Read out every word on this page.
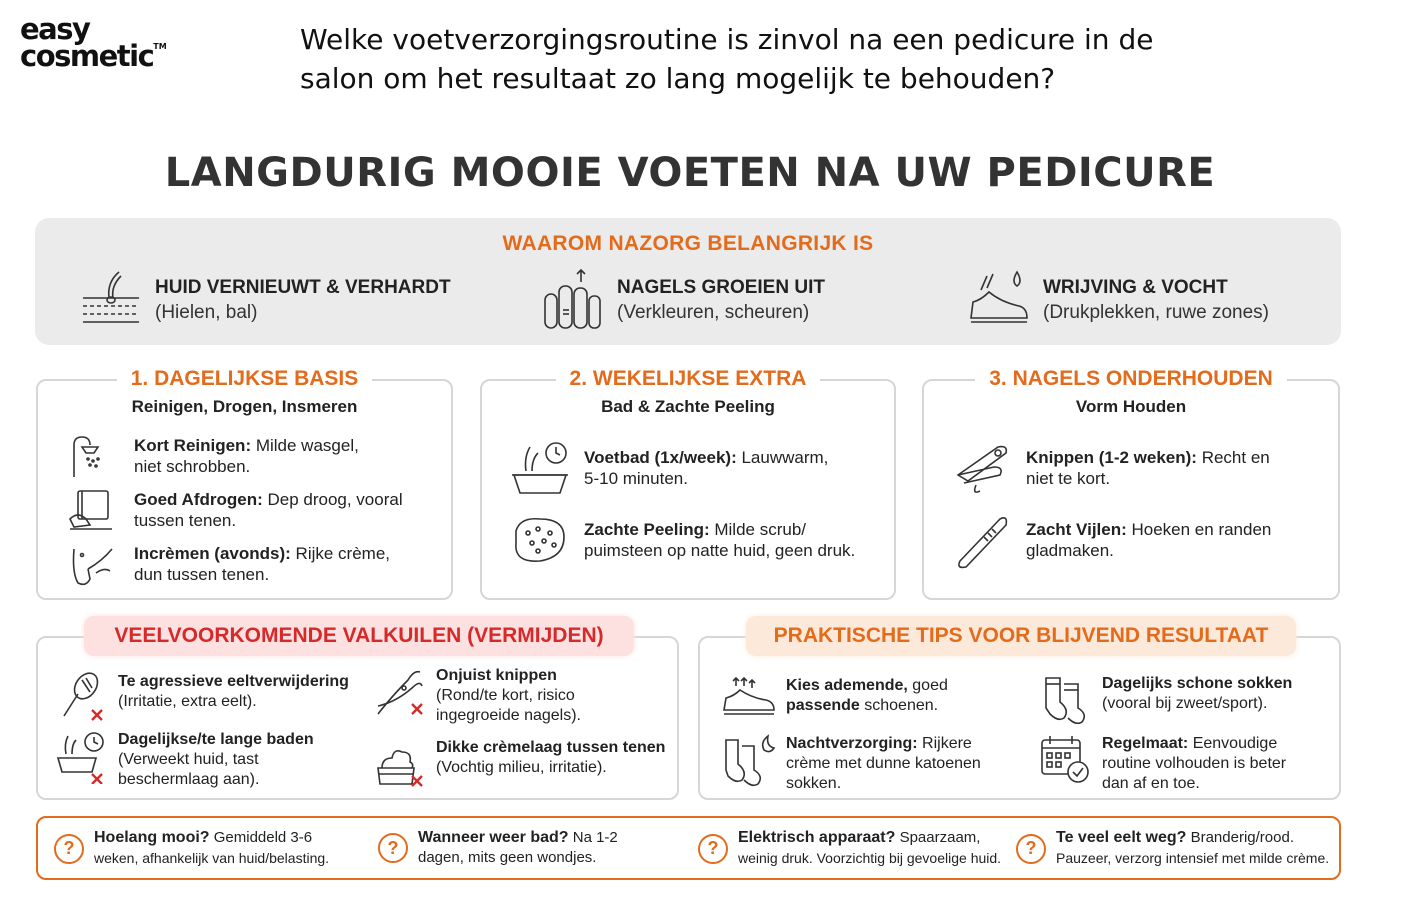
easy
cosmetic™	Welke voetverzorgingsroutine is zinvol na een pedicure in de salon om het resultaat zo lang mogelijk te behouden?
LANGDURIG MOOIE VOETEN NA UW PEDICURE
WAAROM NAZORG BELANGRIJK IS
HUID VERNIEUWT & VERHARDT
(Hielen, bal)
NAGELS GROEIEN UIT
(Verkleuren, scheuren)
WRIJVING & VOCHT
(Drukplekken, ruwe zones)
1. DAGELIJKSE BASIS
Reinigen, Drogen, Insmeren
Kort Reinigen: Milde wasgel,
niet schrobben.
Goed Afdrogen: Dep droog, vooral
tussen tenen.
Incrèmen (avonds): Rijke crème,
dun tussen tenen.
2. WEKELIJKSE EXTRA
Bad & Zachte Peeling
Voetbad (1x/week): Lauwwarm,
5-10 minuten.
Zachte Peeling: Milde scrub/
puimsteen op natte huid, geen druk.
3. NAGELS ONDERHOUDEN
Vorm Houden
Knippen (1-2 weken): Recht en
niet te kort.
Zacht Vijlen: Hoeken en randen
gladmaken.
VEELVOORKOMENDE VALKUILEN (VERMIJDEN)
Te agressieve eeltverwijdering
(Irritatie, extra eelt).
Onjuist knippen
(Rond/te kort, risico
ingegroeide nagels).
Dagelijkse/te lange baden
(Verweekt huid, tast
beschermlaag aan).
Dikke crèmelaag tussen tenen
(Vochtig milieu, irritatie).
PRAKTISCHE TIPS VOOR BLIJVEND RESULTAAT
Kies ademende, goed
passende schoenen.
Dagelijks schone sokken
(vooral bij zweet/sport).
Nachtverzorging: Rijkere
crème met dunne katoenen
sokken.
Regelmaat: Eenvoudige
routine volhouden is beter
dan af en toe.
?
Hoelang mooi? Gemiddeld 3-6
weken, afhankelijk van huid/belasting.
?	Wanneer weer bad? Na 1-2
dagen, mits geen wondjes.	?
Elektrisch apparaat? Spaarzaam,
weinig druk. Voorzichtig bij gevoelige huid.	?
Te veel eelt weg? Branderig/rood.
Pauzeer, verzorg intensief met milde crème.
